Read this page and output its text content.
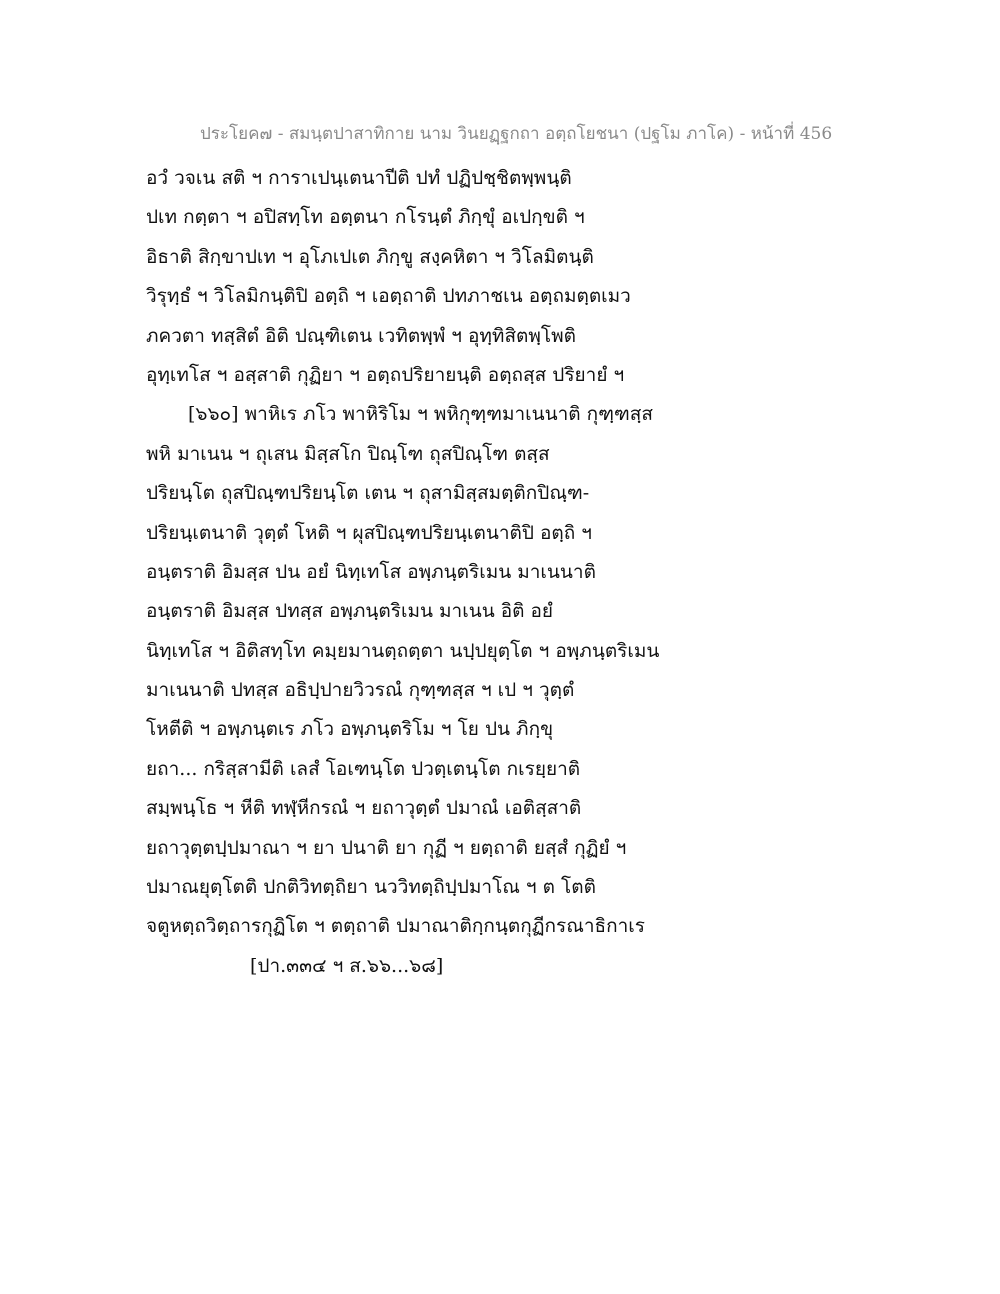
ประโยค๗ - สมนฺตปาสาทิกาย นาม วินยฏฺฐกถา อตฺถโยชนา (ปฐโม ภาโค) - หน้าที่ 456
อวํ วจเน สติ ฯ การาเปนฺเตนาปีติ ปทํ ปฏิปชฺชิตพฺพนฺติ
ปเท กตฺตา ฯ อปิสทฺโท อตฺตนา กโรนฺตํ ภิกฺขุํ อเปกฺขติ ฯ
อิธาติ สิกฺขาปเท ฯ อุโภเปเต ภิกฺขู สงฺคหิตา ฯ วิโลมิตนฺติ
วิรุทฺธํ ฯ วิโลมิกนฺติปิ อตฺถิ ฯ เอตฺถาติ ปทภาชเน อตฺถมตฺตเมว
ภควตา ทสฺสิตํ อิติ ปณฺฑิเตน เวทิตพฺพํ ฯ อุทฺทิสิตพฺโพติ
อุทฺเทโส ฯ อสฺสาติ กุฏิยา ฯ อตฺถปริยายนฺติ อตฺถสฺส ปริยายํ ฯ
[๖๖๐] พาหิเร ภโว พาหิริโม ฯ พหิกุฑฺฑมาเนนาติ กุฑฺฑสฺส
พหิ มาเนน ฯ ถุเสน มิสฺสโก ปิณฺโฑ ถุสปิณฺโฑ ตสฺส
ปริยนฺโต ถุสปิณฺฑปริยนฺโต เตน ฯ ถุสามิสฺสมตฺติกปิณฺฑ-
ปริยนฺเตนาติ วุตฺตํ โหติ ฯ ผุสปิณฺฑปริยนฺเตนาติปิ อตฺถิ ฯ
อนฺตราติ อิมสฺส ปน อยํ นิทฺเทโส อพฺภนฺตริเมน มาเนนาติ
อนฺตราติ อิมสฺส ปทสฺส อพฺภนฺตริเมน มาเนน อิติ อยํ
นิทฺเทโส ฯ อิติสทฺโท คมฺยมานตฺถตฺตา นปฺปยุตฺโต ฯ อพฺภนฺตริเมน
มาเนนาติ ปทสฺส อธิปฺปายวิวรณํ กุฑฺฑสฺส ฯ เป ฯ วุตฺตํ
โหตีติ ฯ อพฺภนฺตเร ภโว อพฺภนฺตริโม ฯ โย ปน ภิกฺขุ
ยถา... กริสฺสามีติ เลสํ โอเฑนฺโต ปวตฺเตนฺโต กเรยฺยาติ
สมฺพนฺโธ ฯ หีติ ทฬฺหีกรณํ ฯ ยถาวุตฺตํ ปมาณํ เอติสฺสาติ
ยถาวุตฺตปฺปมาณา ฯ ยา ปนาติ ยา กุฏี ฯ ยตฺถาติ ยสฺสํ กุฏิยํ ฯ
ปมาณยุตฺโตติ ปกติวิทตฺถิยา นววิทตฺถิปฺปมาโณ ฯ ต โตติ
จตูหตฺถวิตฺถารกุฏิโต ฯ ตตฺถาติ ปมาณาติกฺกนฺตกุฏีกรณาธิกาเร
[ปา.๓๓๔ ฯ ส.๖๖...๖๘]
